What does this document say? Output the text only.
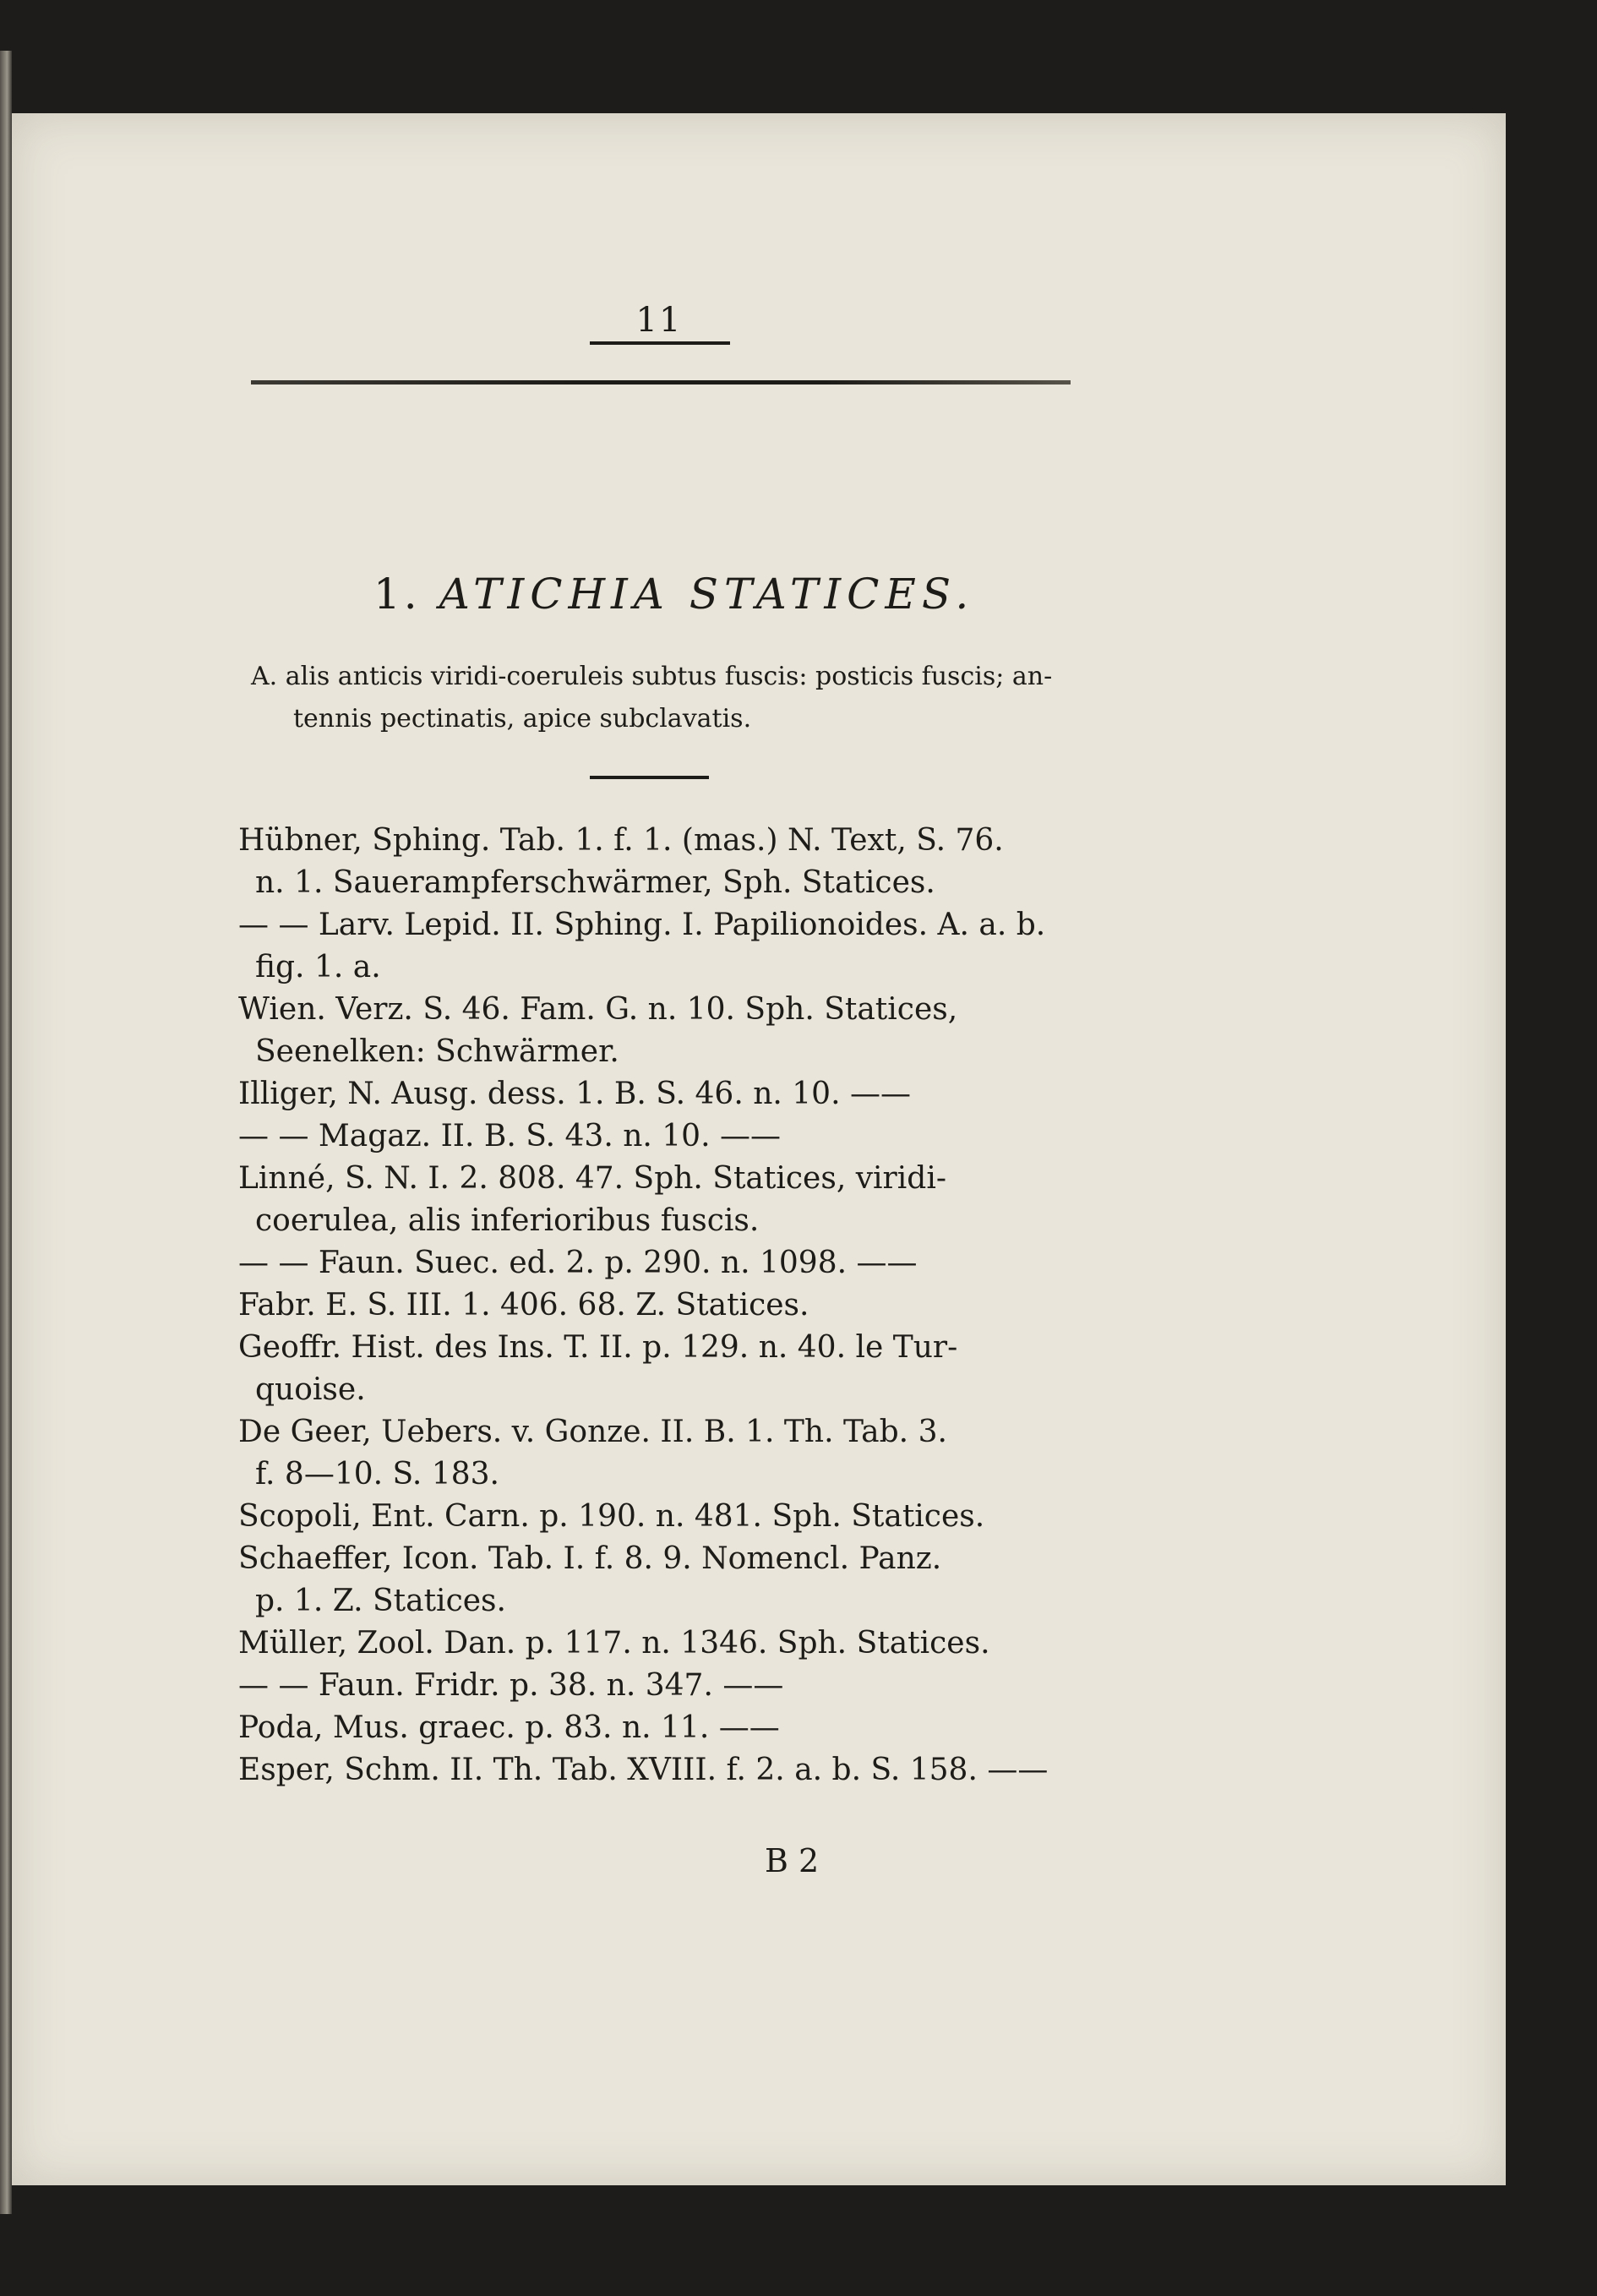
11

1. ATICHIA STATICES.

A. alis anticis viridi-coeruleis subtus fuscis: posticis fuscis; an-
tennis pectinatis, apice subclavatis.

Hübner, Sphing. Tab. 1. f. 1. (mas.) N. Text, S. 76.
n. 1. Sauerampferschwärmer, Sph. Statices.
— — Larv. Lepid. II. Sphing. I. Papilionoides. A. a. b.
fig. 1. a.
Wien. Verz. S. 46. Fam. G. n. 10. Sph. Statices,
Seenelken: Schwärmer.
Illiger, N. Ausg. dess. 1. B. S. 46. n. 10. ——
— — Magaz. II. B. S. 43. n. 10. ——
Linné, S. N. I. 2. 808. 47. Sph. Statices, viridi-
coerulea, alis inferioribus fuscis.
— — Faun. Suec. ed. 2. p. 290. n. 1098. ——
Fabr. E. S. III. 1. 406. 68. Z. Statices.
Geoffr. Hist. des Ins. T. II. p. 129. n. 40. le Tur-
quoise.
De Geer, Uebers. v. Gonze. II. B. 1. Th. Tab. 3.
f. 8—10. S. 183.
Scopoli, Ent. Carn. p. 190. n. 481. Sph. Statices.
Schaeffer, Icon. Tab. I. f. 8. 9. Nomencl. Panz.
p. 1. Z. Statices.
Müller, Zool. Dan. p. 117. n. 1346. Sph. Statices.
— — Faun. Fridr. p. 38. n. 347. ——
Poda, Mus. graec. p. 83. n. 11. ——
Esper, Schm. II. Th. Tab. XVIII. f. 2. a. b. S. 158. ——

B 2
